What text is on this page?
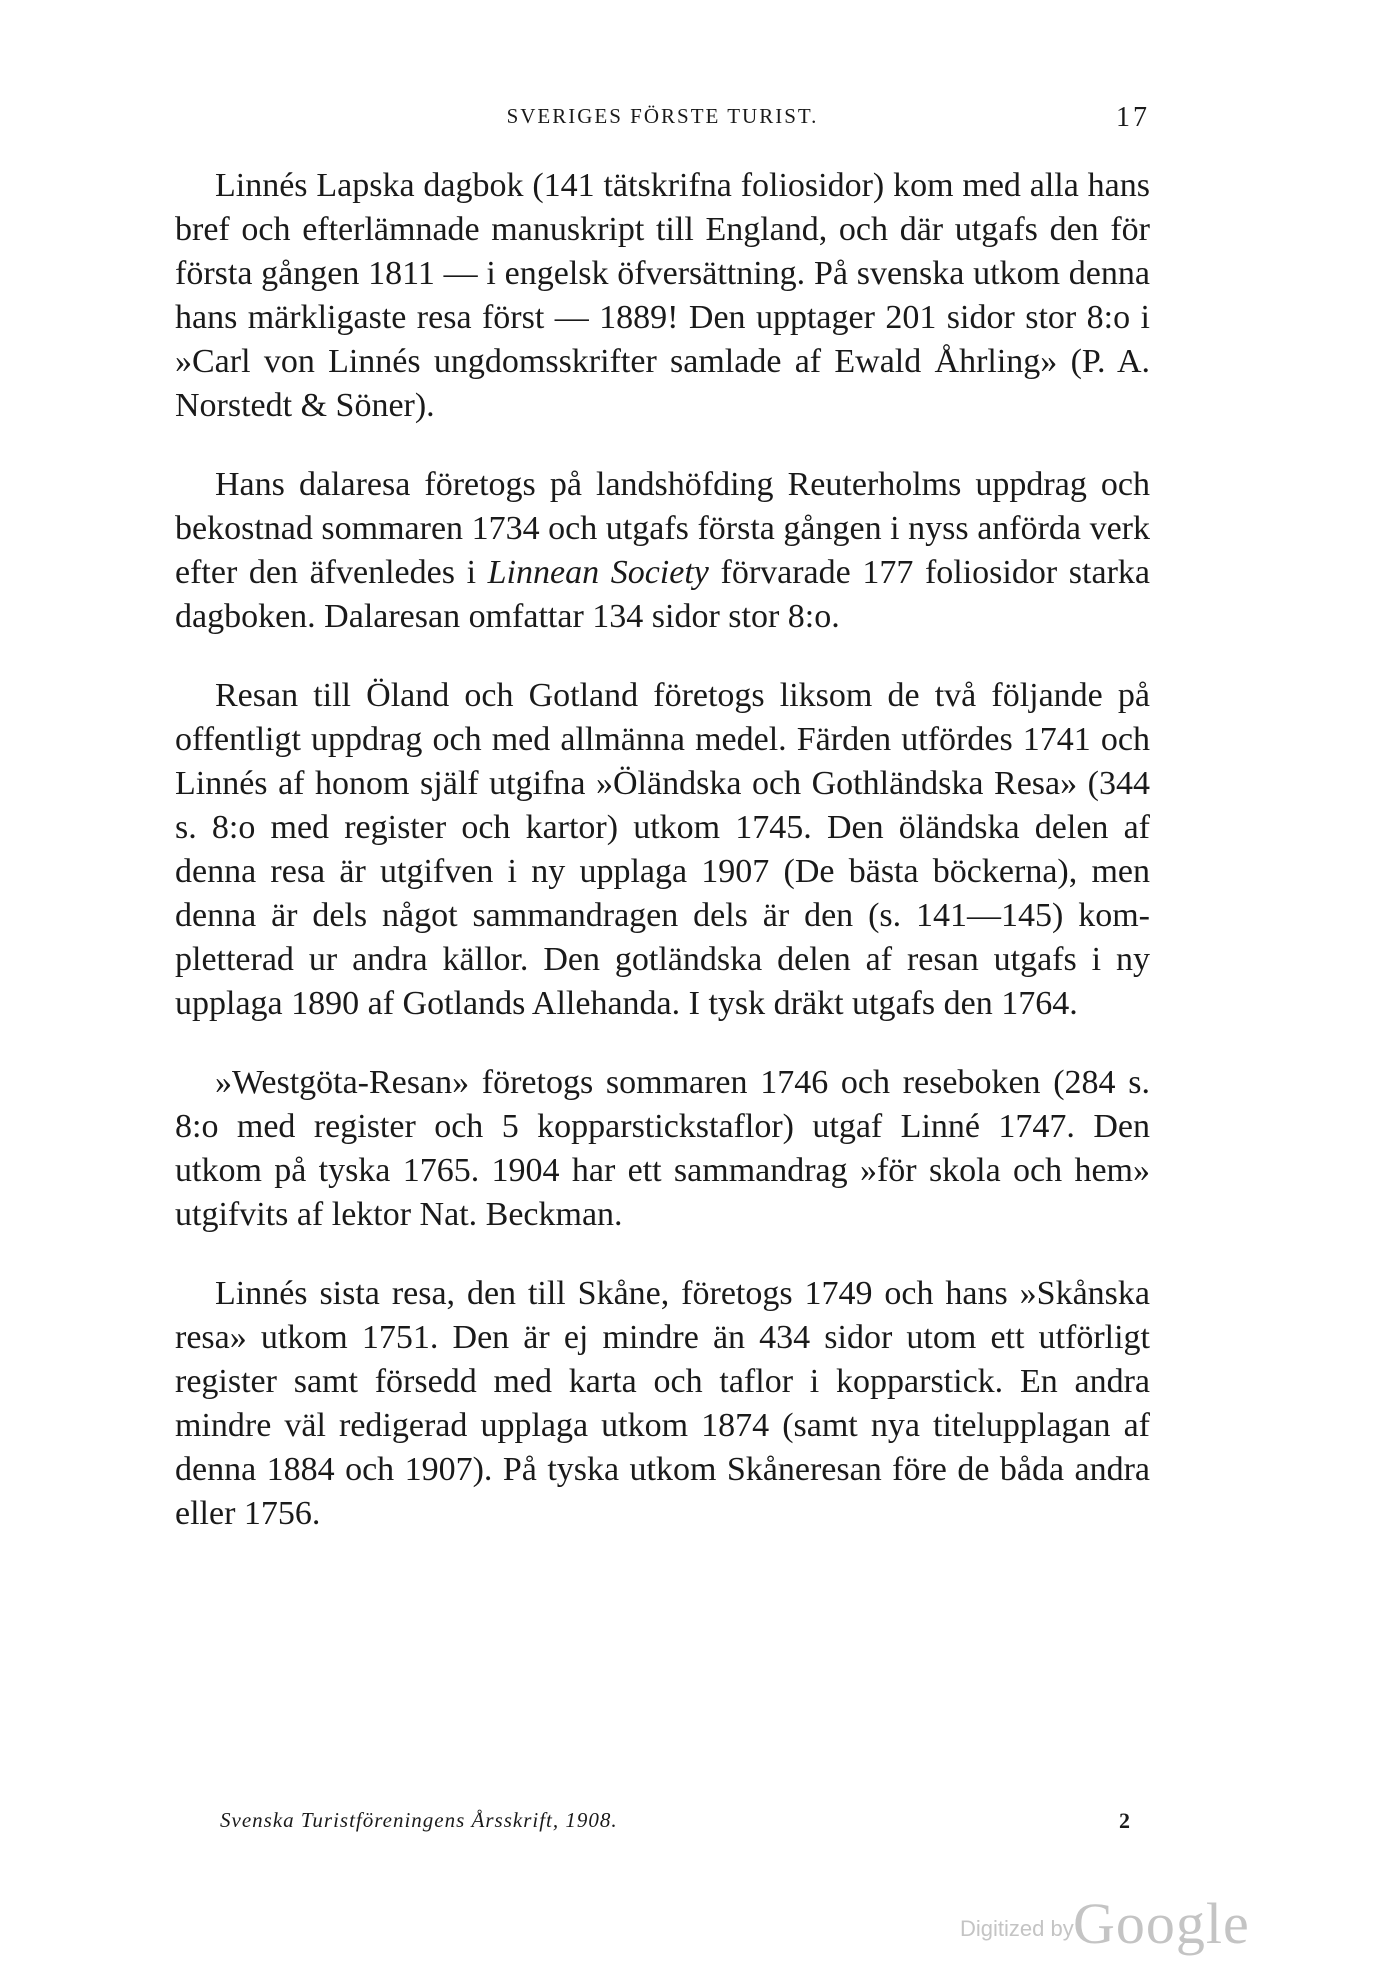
SVERIGES FÖRSTE TURIST.	17

Linnés Lapska dagbok (141 tätskrifna foliosidor) kom med alla hans bref och efterlämnade manuskript till England, och där utgafs den för första gången 1811 — i engelsk öfversättning. På svenska utkom denna hans märkligaste resa först — 1889! Den upptager 201 sidor stor 8:o i »Carl von Linnés ungdomsskrifter samlade af Ewald Åhrling» (P. A. Norstedt & Söner).

Hans dalaresa företogs på landshöfding Reuterholms uppdrag och bekostnad sommaren 1734 och utgafs första gången i nyss anförda verk efter den äfvenledes i Linnean Society förvarade 177 foliosidor starka dagboken. Dalaresan omfattar 134 sidor stor 8:o.

Resan till Öland och Gotland företogs liksom de två följande på offentligt uppdrag och med allmänna medel. Färden utfördes 1741 och Linnés af honom själf utgifna »Öländska och Gothländska Resa» (344 s. 8:o med register och kartor) utkom 1745. Den öländska delen af denna resa är utgifven i ny upplaga 1907 (De bästa böckerna), men denna är dels något sammandragen dels är den (s. 141—145) kompletterad ur andra källor. Den gotländska delen af resan utgafs i ny upplaga 1890 af Gotlands Allehanda. I tysk dräkt utgafs den 1764.

»Westgöta-Resan» företogs sommaren 1746 och reseboken (284 s. 8:o med register och 5 kopparstickstaflor) utgaf Linné 1747. Den utkom på tyska 1765. 1904 har ett sammandrag »för skola och hem» utgifvits af lektor Nat. Beckman.

Linnés sista resa, den till Skåne, företogs 1749 och hans »Skånska resa» utkom 1751. Den är ej mindre än 434 sidor utom ett utförligt register samt försedd med karta och taflor i kopparstick. En andra mindre väl redigerad upplaga utkom 1874 (samt nya titelupplagan af denna 1884 och 1907). På tyska utkom Skåneresan före de båda andra eller 1756.

Svenska Turistföreningens Årsskrift, 1908.	2
Digitized by Google
